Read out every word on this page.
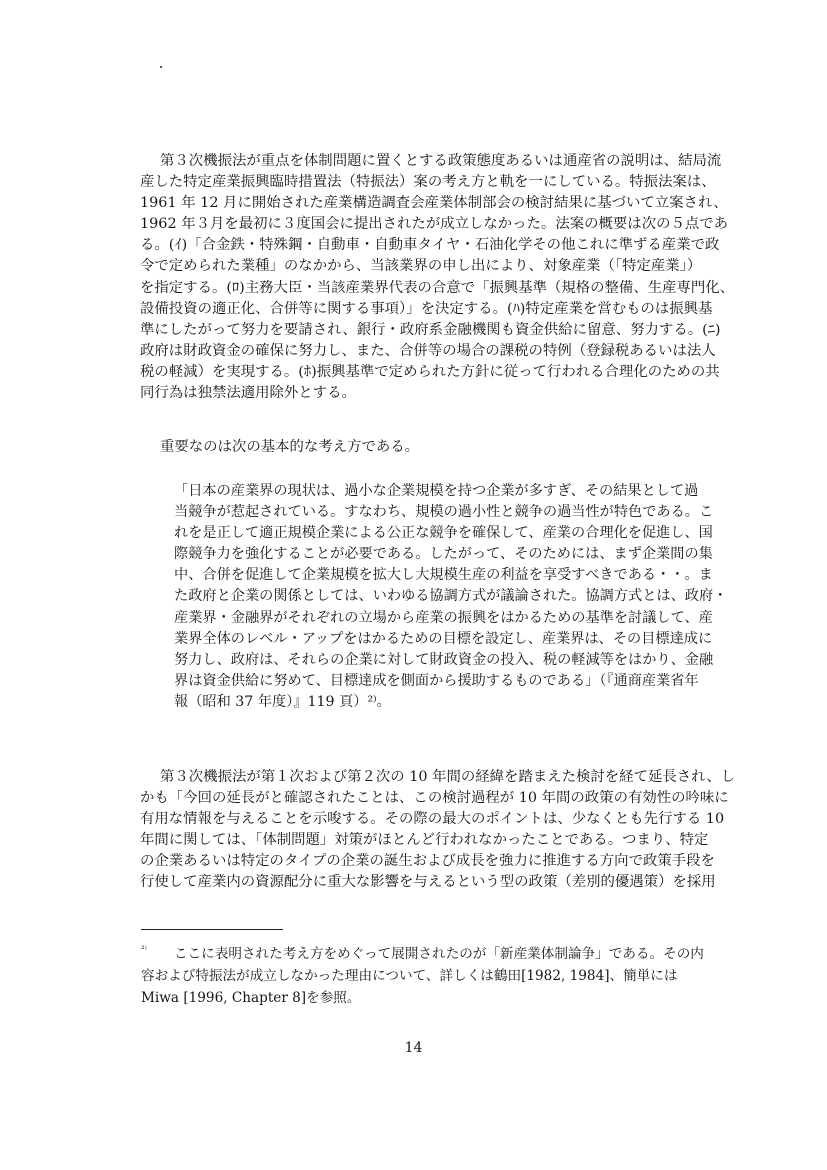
第３次機振法が重点を体制問題に置くとする政策態度あるいは通産省の説明は、結局流
産した特定産業振興臨時措置法（特振法）案の考え方と軌を一にしている。特振法案は、
1961 年 12 月に開始された産業構造調査会産業体制部会の検討結果に基づいて立案され、
1962 年３月を最初に３度国会に提出されたが成立しなかった。法案の概要は次の５点であ
る。(ｲ)「合金鉄・特殊鋼・自動車・自動車タイヤ・石油化学その他これに準ずる産業で政
令で定められた業種」のなかから、当該業界の申し出により、対象産業（「特定産業」）
を指定する。(ﾛ)主務大臣・当該産業界代表の合意で「振興基準（規格の整備、生産専門化、
設備投資の適正化、合併等に関する事項）」を決定する。(ﾊ)特定産業を営むものは振興基
準にしたがって努力を要請され、銀行・政府系金融機関も資金供給に留意、努力する。(ﾆ)
政府は財政資金の確保に努力し、また、合併等の場合の課税の特例（登録税あるいは法人
税の軽減）を実現する。(ﾎ)振興基準で定められた方針に従って行われる合理化のための共
同行為は独禁法適用除外とする。
重要なのは次の基本的な考え方である。
「日本の産業界の現状は、過小な企業規模を持つ企業が多すぎ、その結果として過
当競争が惹起されている。すなわち、規模の過小性と競争の過当性が特色である。こ
れを是正して適正規模企業による公正な競争を確保して、産業の合理化を促進し、国
際競争力を強化することが必要である。したがって、そのためには、まず企業間の集
中、合併を促進して企業規模を拡大し大規模生産の利益を享受すべきである・・。ま
た政府と企業の関係としては、いわゆる協調方式が議論された。協調方式とは、政府・
産業界・金融界がそれぞれの立場から産業の振興をはかるための基準を討議して、産
業界全体のレベル・アップをはかるための目標を設定し、産業界は、その目標達成に
努力し、政府は、それらの企業に対して財政資金の投入、税の軽減等をはかり、金融
界は資金供給に努めて、目標達成を側面から援助するものである」（『通商産業省年
報（昭和 37 年度）』119 頁）²⁾。
第３次機振法が第１次および第２次の 10 年間の経緯を踏まえた検討を経て延長され、し
かも「今回の延長がと確認されたことは、この検討過程が 10 年間の政策の有効性の吟味に
有用な情報を与えることを示唆する。その際の最大のポイントは、少なくとも先行する 10
年間に関しては、「体制問題」対策がほとんど行われなかったことである。つまり、特定
の企業あるいは特定のタイプの企業の誕生および成長を強力に推進する方向で政策手段を
行使して産業内の資源配分に重大な影響を与えるという型の政策（差別的優遇策）を採用
²⁾ ここに表明された考え方をめぐって展開されたのが「新産業体制論争」である。その内
容および特振法が成立しなかった理由について、詳しくは鶴田[1982, 1984]、簡単には
Miwa [1996, Chapter 8]を参照。
14
